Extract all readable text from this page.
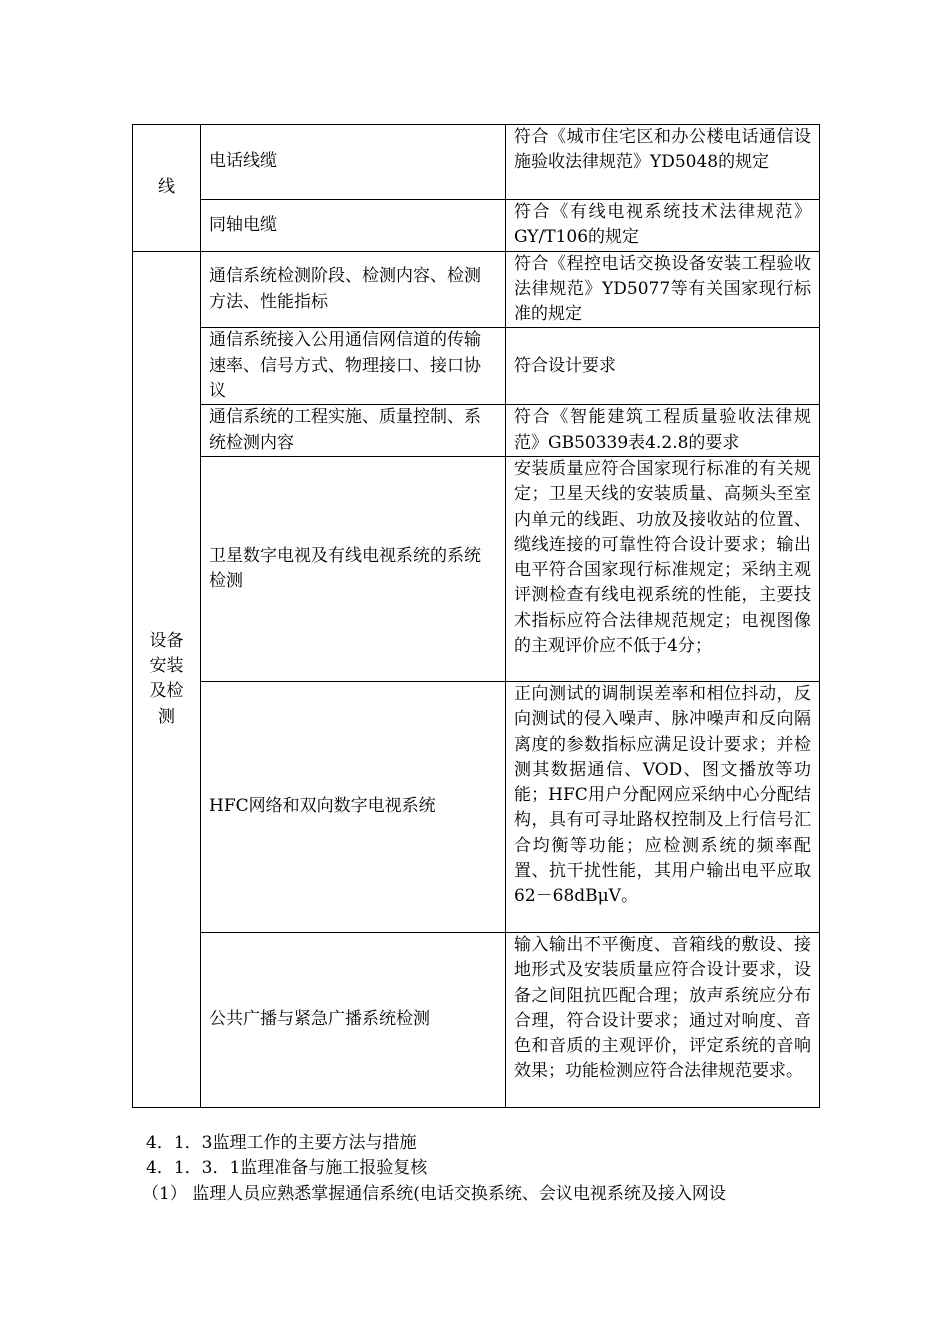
线	电话线缆	符合《城市住宅区和办公楼电话通信设施验收法律规范》YD5048的规定
	同轴电缆	符合《有线电视系统技术法律规范》GY/T106的规定
设备安装及检测	通信系统检测阶段、检测内容、检测方法、性能指标	符合《程控电话交换设备安装工程验收法律规范》YD5077等有关国家现行标准的规定
	通信系统接入公用通信网信道的传输速率、信号方式、物理接口、接口协议	符合设计要求
	通信系统的工程实施、质量控制、系统检测内容	符合《智能建筑工程质量验收法律规范》GB50339表4.2.8的要求
	卫星数字电视及有线电视系统的系统检测	安装质量应符合国家现行标准的有关规定；卫星天线的安装质量、高频头至室内单元的线距、功放及接收站的位置、缆线连接的可靠性符合设计要求；输出电平符合国家现行标准规定；采纳主观评测检查有线电视系统的性能，主要技术指标应符合法律规范规定；电视图像的主观评价应不低于4分；
	HFC网络和双向数字电视系统	正向测试的调制误差率和相位抖动，反向测试的侵入噪声、脉冲噪声和反向隔离度的参数指标应满足设计要求；并检测其数据通信、VOD、图文播放等功能；HFC用户分配网应采纳中心分配结构，具有可寻址路权控制及上行信号汇合均衡等功能；应检测系统的频率配置、抗干扰性能，其用户输出电平应取62－68dBμV。
	公共广播与紧急广播系统检测	输入输出不平衡度、音箱线的敷设、接地形式及安装质量应符合设计要求，设备之间阻抗匹配合理；放声系统应分布合理，符合设计要求；通过对响度、音色和音质的主观评价，评定系统的音响效果；功能检测应符合法律规范要求。
4．1．3监理工作的主要方法与措施
4．1．3．1监理准备与施工报验复核
（1） 监理人员应熟悉掌握通信系统(电话交换系统、会议电视系统及接入网设
